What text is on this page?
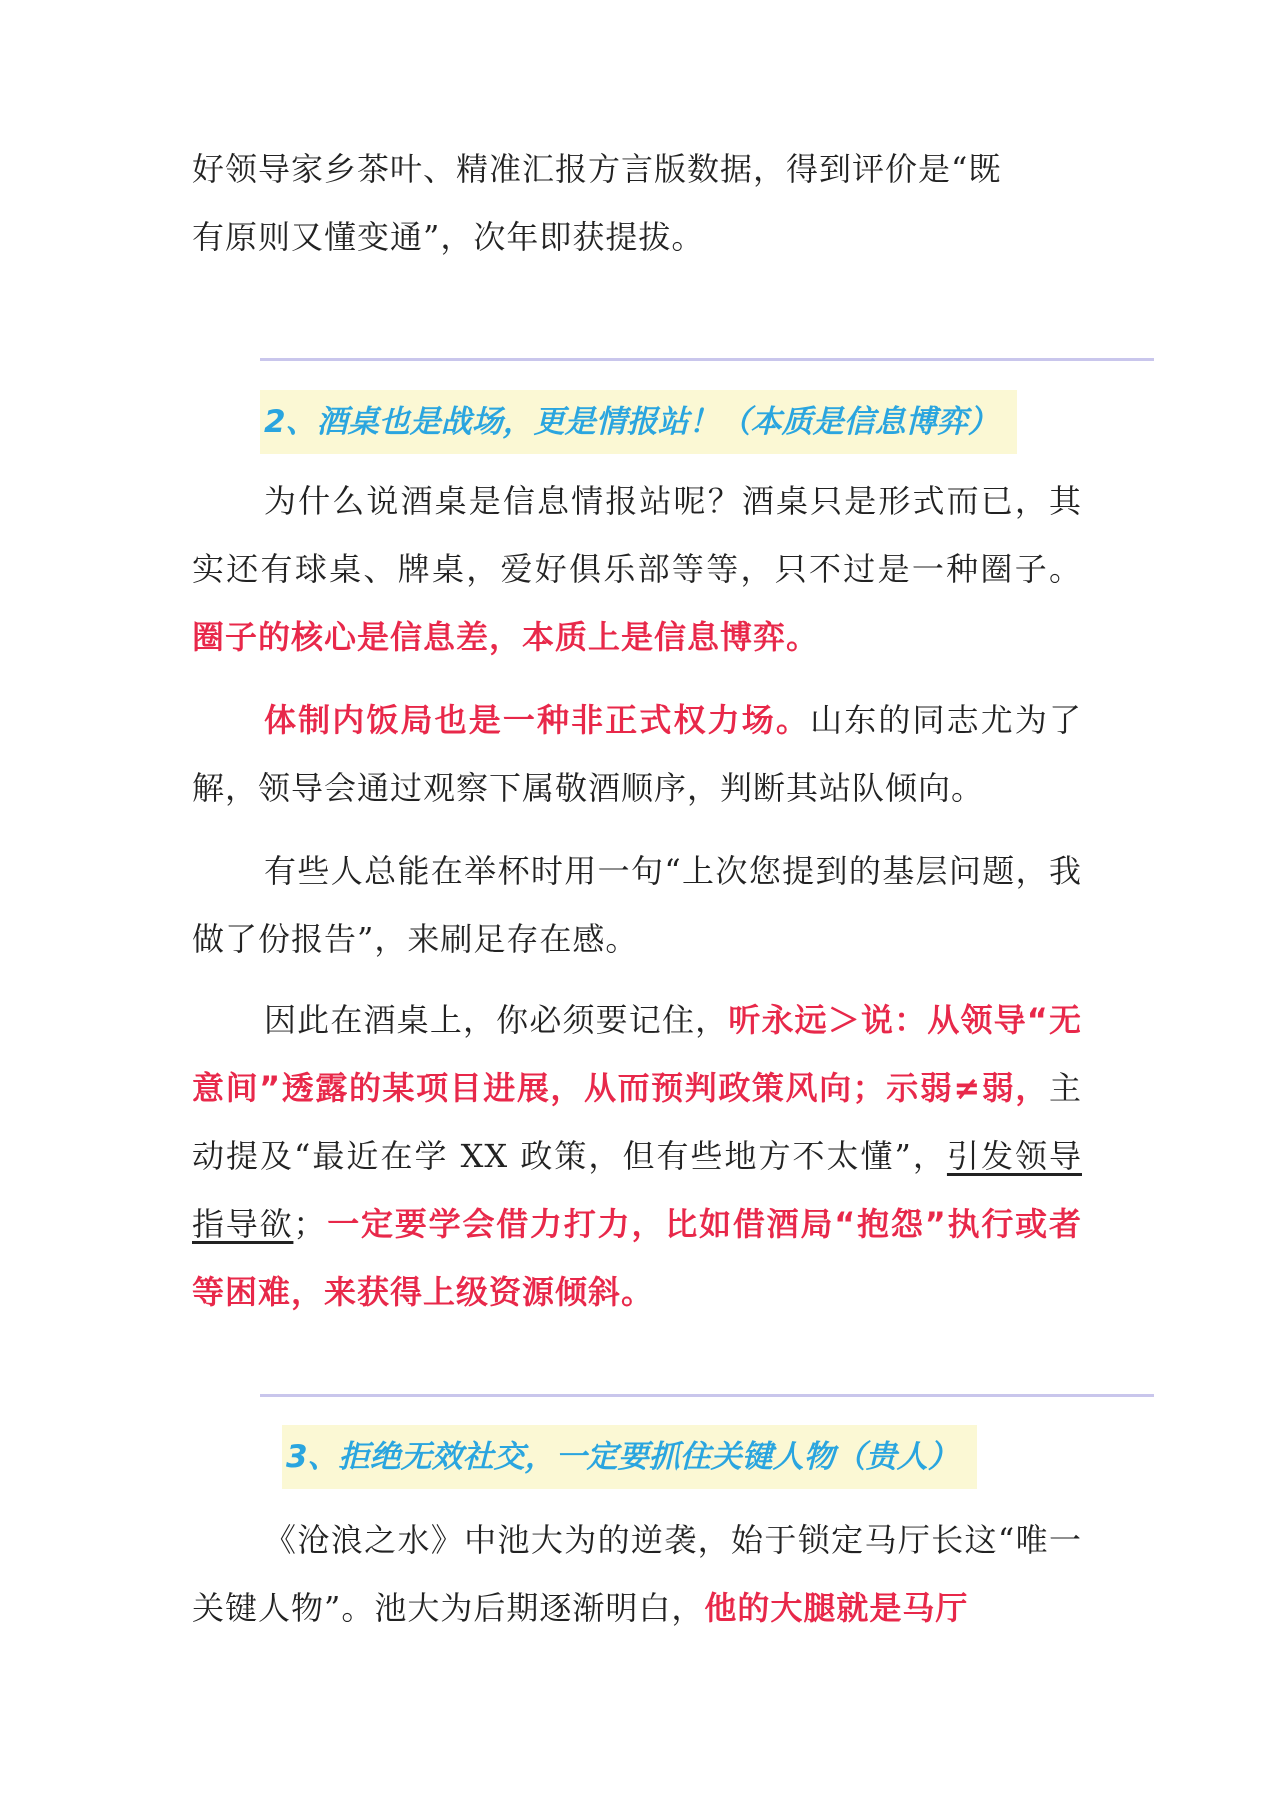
好领导家乡茶叶、精准汇报方言版数据，得到评价是“既
有原则又懂变通”，次年即获提拔。
2、酒桌也是战场，更是情报站！（本质是信息博弈）
为什么说酒桌是信息情报站呢？酒桌只是形式而已，其实还有球桌、牌桌，爱好俱乐部等等，只不过是一种圈子。圈子的核心是信息差，本质上是信息博弈。
体制内饭局也是一种非正式权力场。山东的同志尤为了解，领导会通过观察下属敬酒顺序，判断其站队倾向。
有些人总能在举杯时用一句“上次您提到的基层问题，我做了份报告”，来刷足存在感。
因此在酒桌上，你必须要记住，听永远＞说：从领导“无意间”透露的某项目进展，从而预判政策风向；示弱≠弱，主动提及“最近在学 XX 政策，但有些地方不太懂”，引发领导指导欲；一定要学会借力打力，比如借酒局“抱怨”执行或者等困难，来获得上级资源倾斜。
3、拒绝无效社交，一定要抓住关键人物（贵人）
《沧浪之水》中池大为的逆袭，始于锁定马厅长这“唯一关键人物”。池大为后期逐渐明白，他的大腿就是马厅
